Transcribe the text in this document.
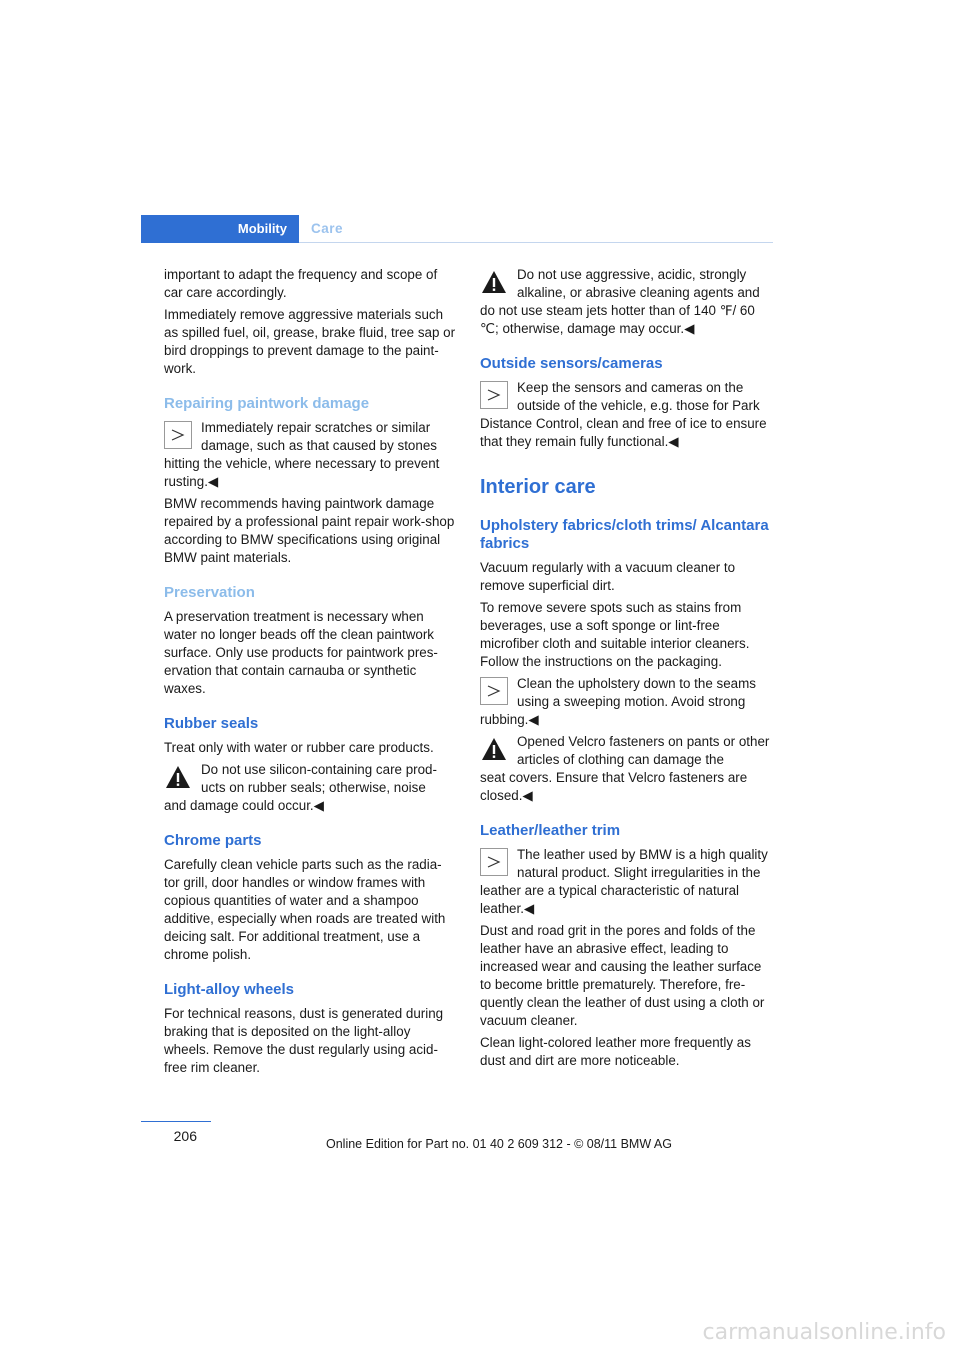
Mobility	Care

important to adapt the frequency and scope of car care accordingly.

Immediately remove aggressive materials such as spilled fuel, oil, grease, brake fluid, tree sap or bird droppings to prevent damage to the paint-work.

Repairing paintwork damage
Immediately repair scratches or similar damage, such as that caused by stones
hitting the vehicle, where necessary to prevent rusting.◀

BMW recommends having paintwork damage repaired by a professional paint repair work-shop according to BMW specifications using original BMW paint materials.

Preservation

A preservation treatment is necessary when water no longer beads off the clean paintwork surface. Only use products for paintwork pres-ervation that contain carnauba or synthetic waxes.

Rubber seals

Treat only with water or rubber care products.

Do not use silicon-containing care prod-ucts on rubber seals; otherwise, noise
and damage could occur.◀
Chrome parts

Carefully clean vehicle parts such as the radia-tor grill, door handles or window frames with copious quantities of water and a shampoo additive, especially when roads are treated with deicing salt. For additional treatment, use a chrome polish.

Light-alloy wheels

For technical reasons, dust is generated during braking that is deposited on the light-alloy wheels. Remove the dust regularly using acid-free rim cleaner.

Do not use aggressive, acidic, strongly alkaline, or abrasive cleaning agents and
do not use steam jets hotter than of 140 ℉/ 60 ℃; otherwise, damage may occur.◀
Outside sensors/cameras
Keep the sensors and cameras on the outside of the vehicle, e.g. those for Park
Distance Control, clean and free of ice to ensure that they remain fully functional.◀
Interior care
Upholstery fabrics/cloth trims/ Alcantara fabrics

Vacuum regularly with a vacuum cleaner to remove superficial dirt.

To remove severe spots such as stains from beverages, use a soft sponge or lint-free microfiber cloth and suitable interior cleaners. Follow the instructions on the packaging.

Clean the upholstery down to the seams using a sweeping motion. Avoid strong
rubbing.◀
Opened Velcro fasteners on pants or other articles of clothing can damage the
seat covers. Ensure that Velcro fasteners are closed.◀
Leather/leather trim
The leather used by BMW is a high quality natural product. Slight irregularities in the
leather are a typical characteristic of natural leather.◀

Dust and road grit in the pores and folds of the leather have an abrasive effect, leading to increased wear and causing the leather surface to become brittle prematurely. Therefore, fre-quently clean the leather of dust using a cloth or vacuum cleaner.

Clean light-colored leather more frequently as dust and dirt are more noticeable.

206	Online Edition for Part no. 01 40 2 609 312 - © 08/11 BMW AG
carmanualsonline.info
